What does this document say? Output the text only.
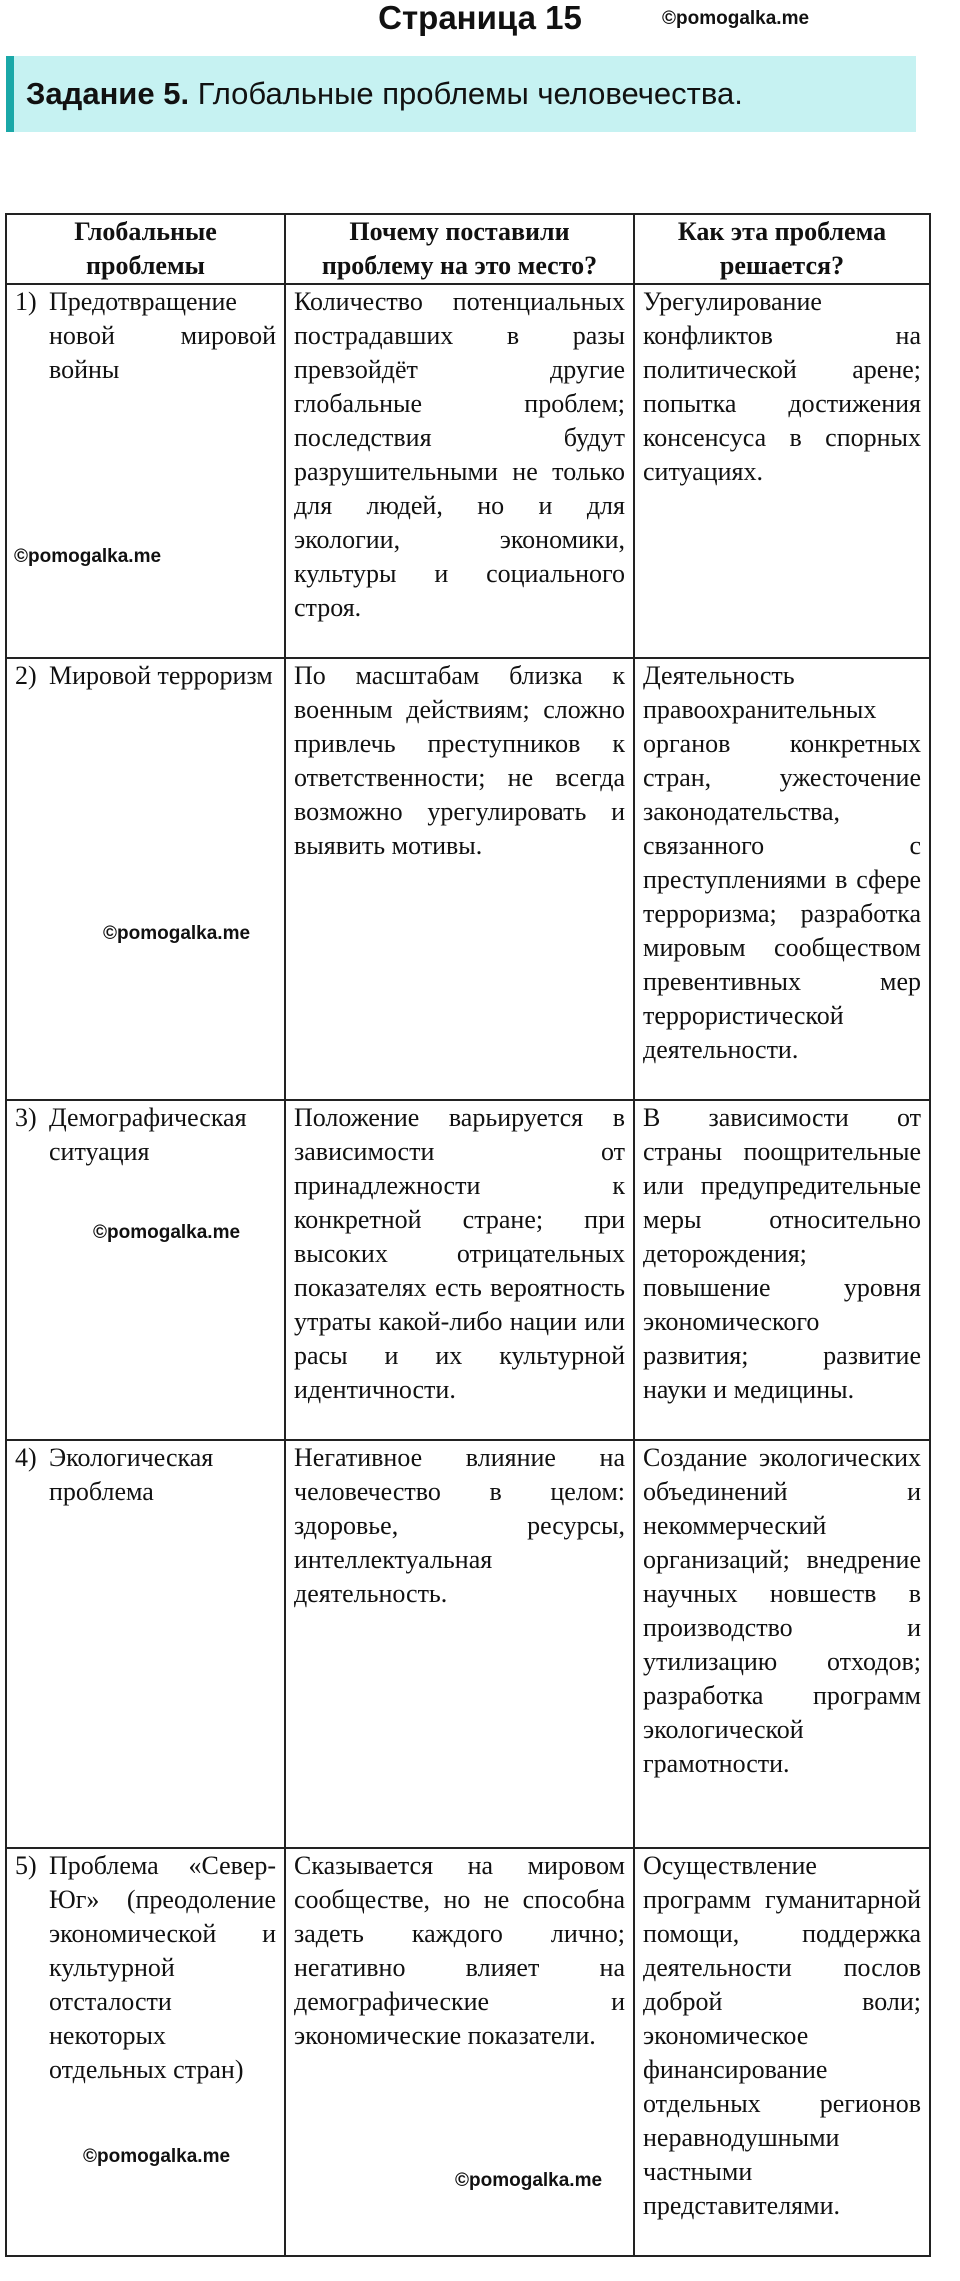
Страница 15	©pomogalka.me
Задание 5. Глобальные проблемы человечества.
Глобальные проблемы	Почему поставили проблему на это место?	Как эта проблема решается?

1) Предотвращение новой мировой войны	Количество потенциальных пострадавших в разы превзойдёт другие глобальные проблем; последствия будут разрушительными не только для людей, но и для экологии, экономики, культуры и социального строя.	Урегулирование конфликтов на политической арене; попытка достижения консенсуса в спорных ситуациях.

2) Мировой терроризм	По масштабам близка к военным действиям; сложно привлечь преступников к ответственности; не всегда возможно урегулировать и выявить мотивы.	Деятельность правоохранительных органов конкретных стран, ужесточение законодательства, связанного с преступлениями в сфере терроризма; разработка мировым сообществом превентивных мер террористической деятельности.

3) Демографическая ситуация	Положение варьируется в зависимости от принадлежности к конкретной стране; при высоких отрицательных показателях есть вероятность утраты какой-либо нации или расы и их культурной идентичности.	В зависимости от страны поощрительные или предупредительные меры относительно деторождения; повышение уровня экономического развития; развитие науки и медицины.

4) Экологическая проблема	Негативное влияние на человечество в целом: здоровье, ресурсы, интеллектуальная деятельность.	Создание экологических объединений и некоммерческий организаций; внедрение научных новшеств в производство и утилизацию отходов; разработка программ экологической грамотности.

5) Проблема «Север-Юг» (преодоление экономической и культурной отсталости некоторых отдельных стран)	Сказывается на мировом сообществе, но не способна задеть каждого лично; негативно влияет на демографические и экономические показатели.	Осуществление программ гуманитарной помощи, поддержка деятельности послов доброй воли; экономическое финансирование отдельных регионов неравнодушными частными представителями.
©pomogalka.me
©pomogalka.me
©pomogalka.me
©pomogalka.me
©pomogalka.me
